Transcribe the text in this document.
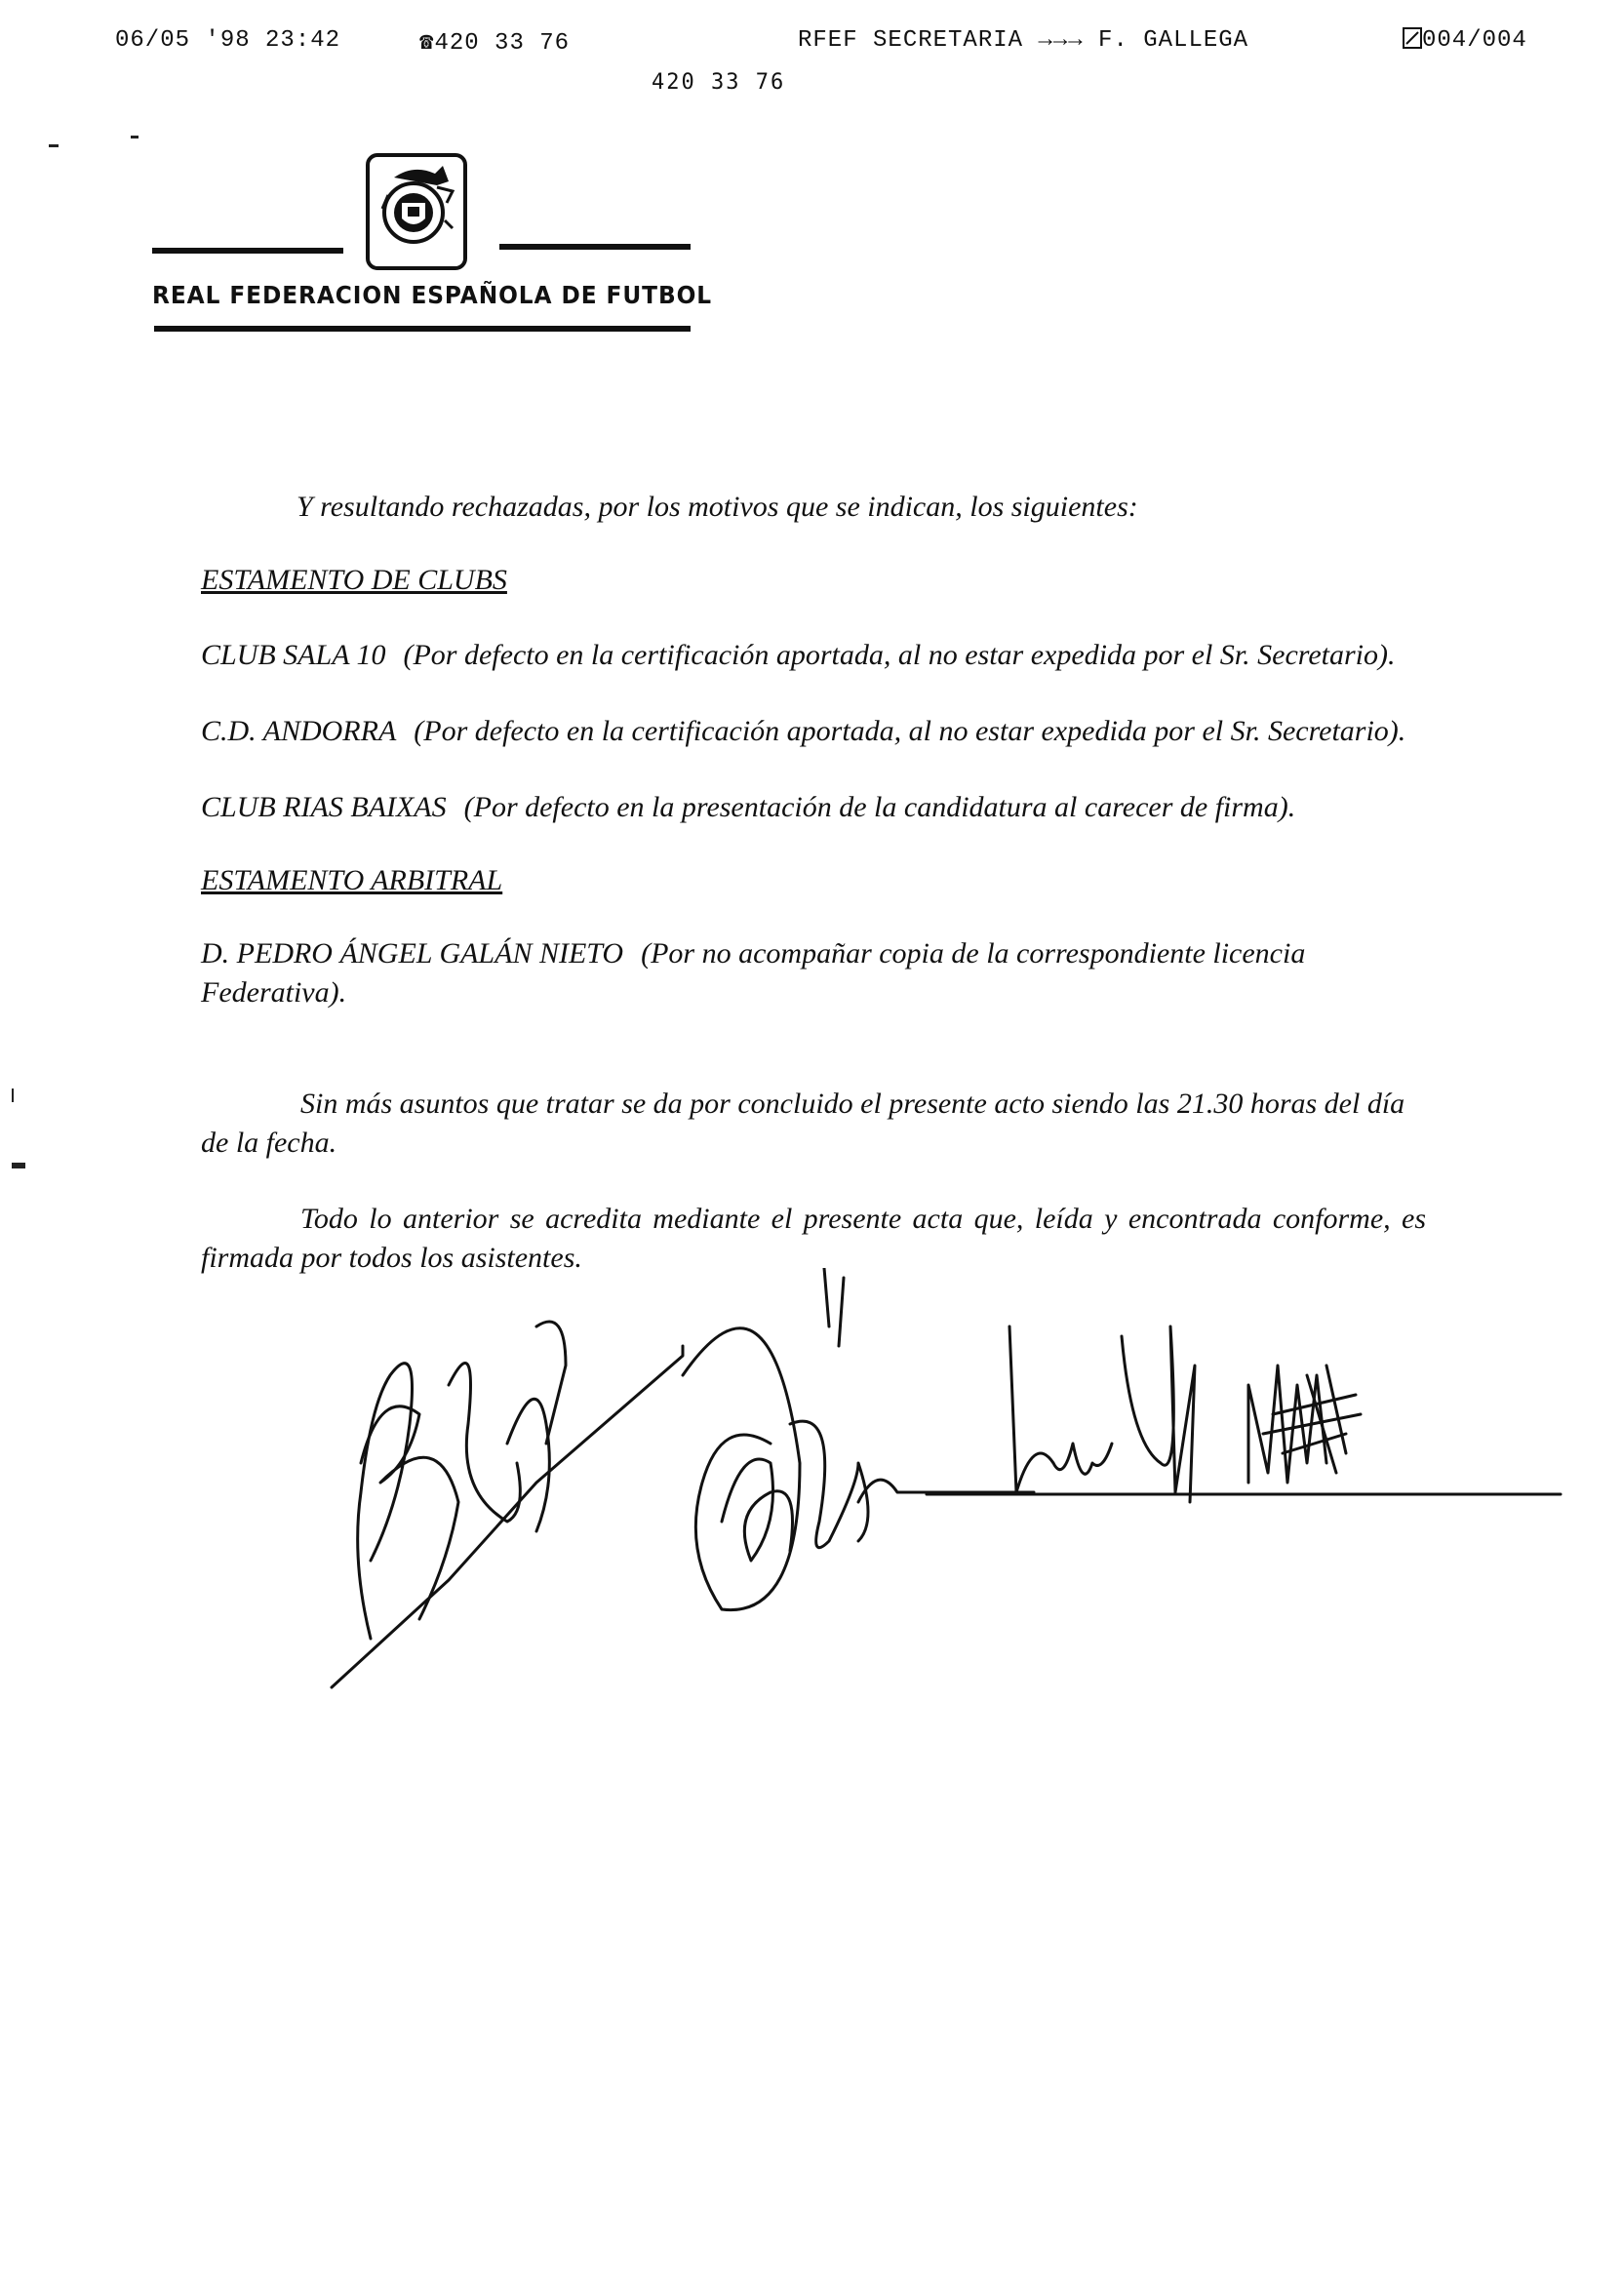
06/05 '98 23:42	☎420 33 76	RFEF SECRETARIA →→→ F. GALLEGA	004/004
420 33 76
REAL FEDERACION ESPAÑOLA DE FUTBOL

Y resultando rechazadas, por los motivos que se indican, los siguientes:

ESTAMENTO DE CLUBS

CLUB SALA 10 (Por defecto en la certificación aportada, al no estar expedida por el Sr. Secretario).

C.D. ANDORRA (Por defecto en la certificación aportada, al no estar expedida por el Sr. Secretario).

CLUB RIAS BAIXAS (Por defecto en la presentación de la candidatura al carecer de firma).

ESTAMENTO ARBITRAL

D. PEDRO ÁNGEL GALÁN NIETO (Por no acompañar copia de la correspondiente licencia Federativa).

Sin más asuntos que tratar se da por concluido el presente acto siendo las 21.30 horas del día de la fecha.

Todo lo anterior se acredita mediante el presente acta que, leída y encontrada conforme, es firmada por todos los asistentes.
